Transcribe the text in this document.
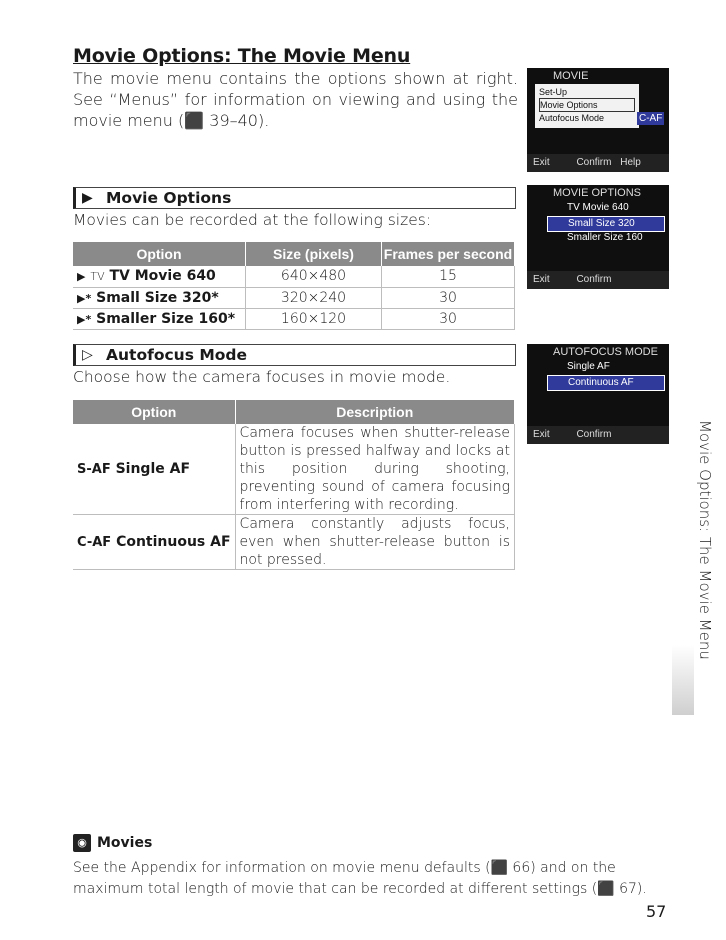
Movie Options: The Movie Menu
The movie menu contains the options shown at right. See “Menus” for information on viewing and using the movie menu (⬛ 39–40).
MOVIE
Set-Up
Movie Options
Autofocus Mode	C-AF
Exit	Confirm Help
▶ Movie Options
Movies can be recorded at the following sizes:
Option	Size (pixels)	Frames per second
▶ TV TV Movie 640	640×480	15
▶* Small Size 320*	320×240	30
▶* Smaller Size 160*	160×120	30
MOVIE OPTIONS
TV Movie 640
Small Size 320
Smaller Size 160
Exit	Confirm
▷ Autofocus Mode
Choose how the camera focuses in movie mode.
Option	Description
S-AF Single AF	Camera focuses when shutter-release button is pressed halfway and locks at this position during shooting, preventing sound of camera focusing from interfering with recording.
C-AF Continuous AF	Camera constantly adjusts focus, even when shutter-release button is not pressed.
AUTOFOCUS MODE
Single AF
Continuous AF
Exit	Confirm	Movie Options: The Movie Menu
◉ Movies
See the Appendix for information on movie menu defaults (⬛ 66) and on the maximum total length of movie that can be recorded at different settings (⬛ 67).
57
